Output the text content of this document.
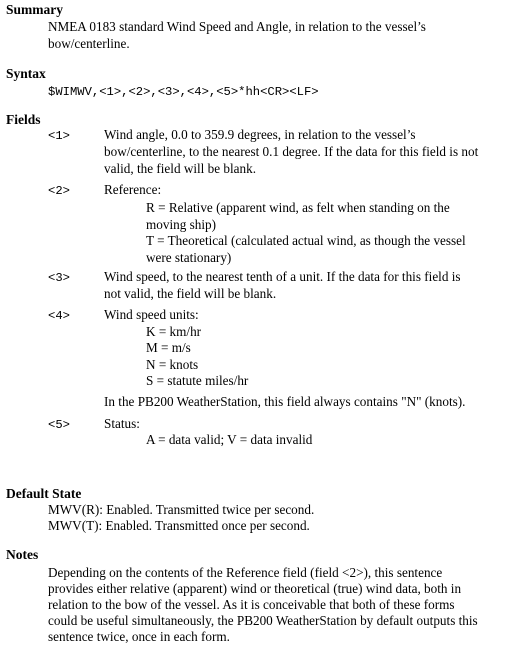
Summary
NMEA 0183 standard Wind Speed and Angle, in relation to the vessel’s
bow/centerline.
Syntax
$WIMWV,<1>,<2>,<3>,<4>,<5>*hh<CR><LF>
Fields
<1>	Wind angle, 0.0 to 359.9 degrees, in relation to the vessel’s
bow/centerline, to the nearest 0.1 degree. If the data for this field is not
valid, the field will be blank.
<2>	Reference:
R = Relative (apparent wind, as felt when standing on the
moving ship)
T = Theoretical (calculated actual wind, as though the vessel
were stationary)
<3>	Wind speed, to the nearest tenth of a unit. If the data for this field is
not valid, the field will be blank.
<4>	Wind speed units:
K = km/hr
M = m/s
N = knots
S = statute miles/hr
In the PB200 WeatherStation, this field always contains "N" (knots).
<5>	Status:
A = data valid; V = data invalid
Default State
MWV(R): Enabled. Transmitted twice per second.
MWV(T): Enabled. Transmitted once per second.
Notes
Depending on the contents of the Reference field (field <2>), this sentence
provides either relative (apparent) wind or theoretical (true) wind data, both in
relation to the bow of the vessel. As it is conceivable that both of these forms
could be useful simultaneously, the PB200 WeatherStation by default outputs this
sentence twice, once in each form.
